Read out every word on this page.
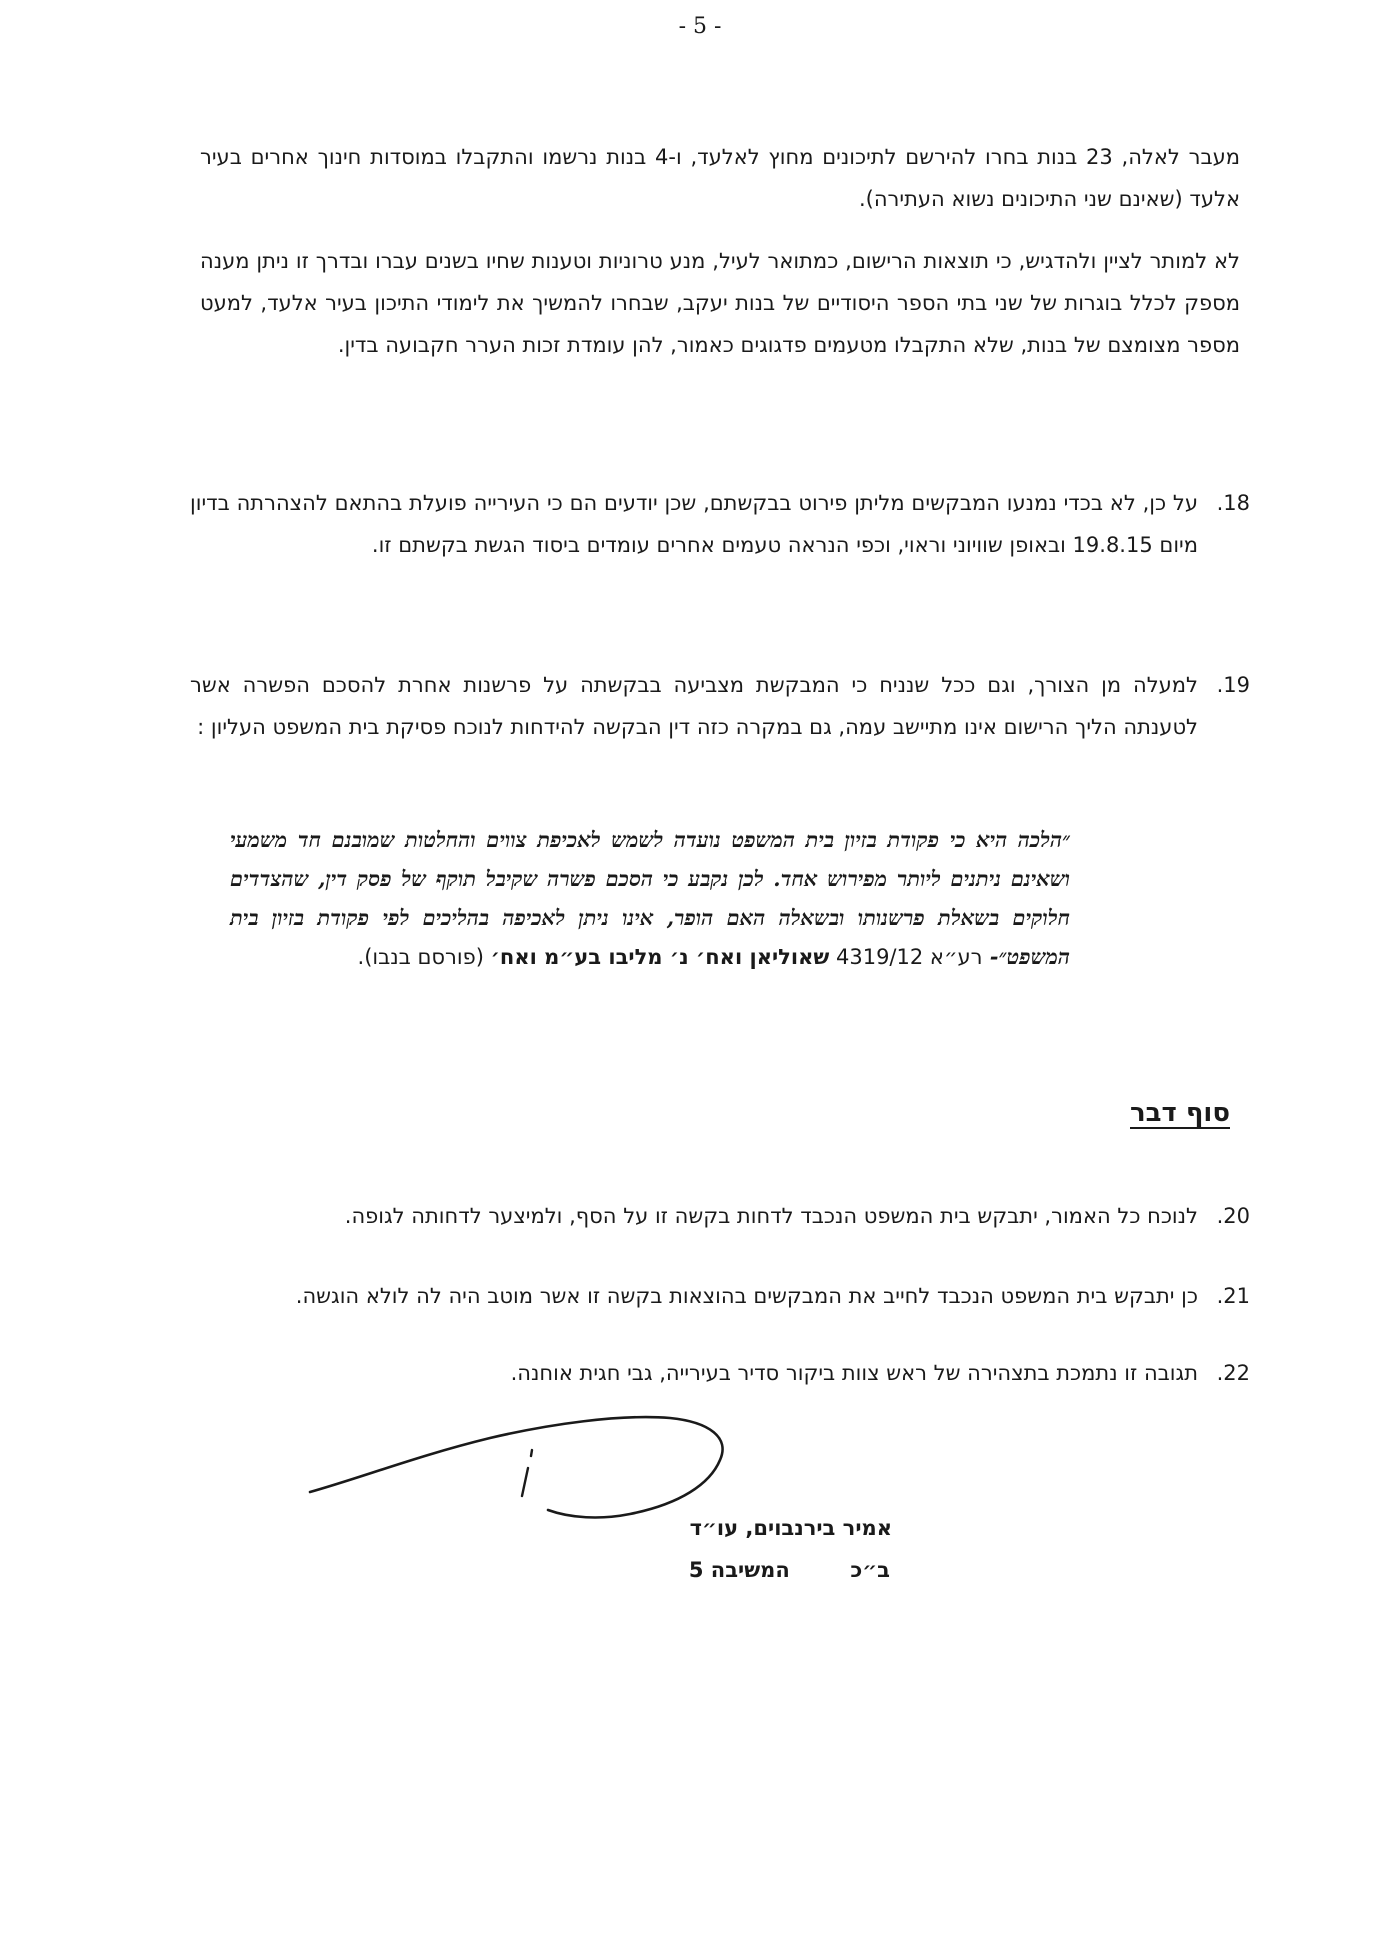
- 5 -

מעבר לאלה, 23 בנות בחרו להירשם לתיכונים מחוץ לאלעד, ו-4 בנות נרשמו והתקבלו במוסדות חינוך אחרים בעיר אלעד (שאינם שני התיכונים נשוא העתירה).

לא למותר לציין ולהדגיש, כי תוצאות הרישום, כמתואר לעיל, מנע טרוניות וטענות שחיו בשנים עברו ובדרך זו ניתן מענה מספק לכלל בוגרות של שני בתי הספר היסודיים של בנות יעקב, שבחרו להמשיך את לימודי התיכון בעיר אלעד, למעט מספר מצומצם של בנות, שלא התקבלו מטעמים פדגוגים כאמור, להן עומדת זכות הערר חקבועה בדין.

18.
על כן, לא בכדי נמנעו המבקשים מליתן פירוט בבקשתם, שכן יודעים הם כי העירייה פועלת בהתאם להצהרתה בדיון מיום 19.8.15 ובאופן שוויוני וראוי, וכפי הנראה טעמים אחרים עומדים ביסוד הגשת בקשתם זו.
19.
למעלה מן הצורך, וגם ככל שנניח כי המבקשת מצביעה בבקשתה על פרשנות אחרת להסכם הפשרה אשר לטענתה הליך הרישום אינו מתיישב עמה, גם במקרה כזה דין הבקשה להידחות לנוכח פסיקת בית המשפט העליון :
״הלכה היא כי פקודת בזיון בית המשפט נועדה לשמש לאכיפת צווים והחלטות שמובנם חד משמעי ושאינם ניתנים ליותר מפירוש אחד. לכן נקבע כי הסכם פשרה שקיבל תוקף של פסק דין, שהצדדים חלוקים בשאלת פרשנותו ובשאלה האם הופר, אינו ניתן לאכיפה בהליכים לפי פקודת בזיון בית המשפט״- רע״א 4319/12 שאוליאן ואח׳ נ׳ מליבו בע״מ ואח׳ (פורסם בנבו).
סוף דבר
20.
לנוכח כל האמור, יתבקש בית המשפט הנכבד לדחות בקשה זו על הסף, ולמיצער לדחותה לגופה.
21.
כן יתבקש בית המשפט הנכבד לחייב את המבקשים בהוצאות בקשה זו אשר מוטב היה לה לולא הוגשה.
22.
תגובה זו נתמכת בתצהירה של ראש צוות ביקור סדיר בעירייה, גבי חגית אוחנה.
אמיר בירנבוים, עו״ד
ב״כ  המשיבה 5
